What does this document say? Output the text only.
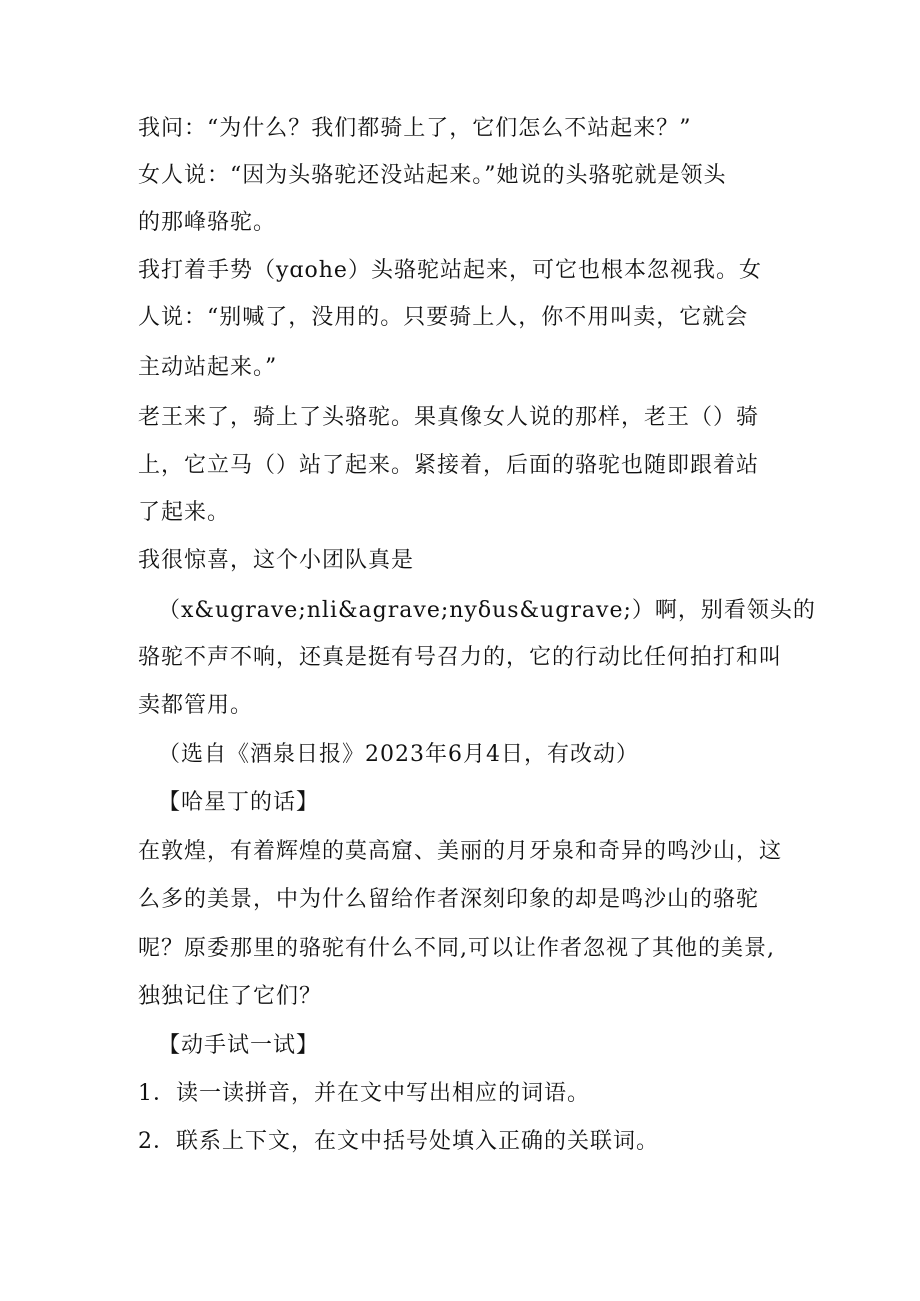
我问：“为什么？我们都骑上了，它们怎么不站起来？”

女人说：“因为头骆驼还没站起来。”她说的头骆驼就是领头

的那峰骆驼。

我打着手势（yɑohe）头骆驼站起来，可它也根本忽视我。女

人说：“别喊了，没用的。只要骑上人，你不用叫卖，它就会

主动站起来。”

老王来了，骑上了头骆驼。果真像女人说的那样，老王（）骑

上，它立马（）站了起来。紧接着，后面的骆驼也随即跟着站

了起来。

我很惊喜，这个小团队真是

（x&ugrave;nli&agrave;nyδus&ugrave;）啊，别看领头的

骆驼不声不响，还真是挺有号召力的，它的行动比任何拍打和叫

卖都管用。

（选自《酒泉日报》2023年6月4日，有改动）

【哈星丁的话】

在敦煌，有着辉煌的莫高窟、美丽的月牙泉和奇异的鸣沙山，这

么多的美景，中为什么留给作者深刻印象的却是鸣沙山的骆驼

呢？原委那里的骆驼有什么不同,可以让作者忽视了其他的美景,

独独记住了它们？

【动手试一试】

1．读一读拼音，并在文中写出相应的词语。

2．联系上下文，在文中括号处填入正确的关联词。
